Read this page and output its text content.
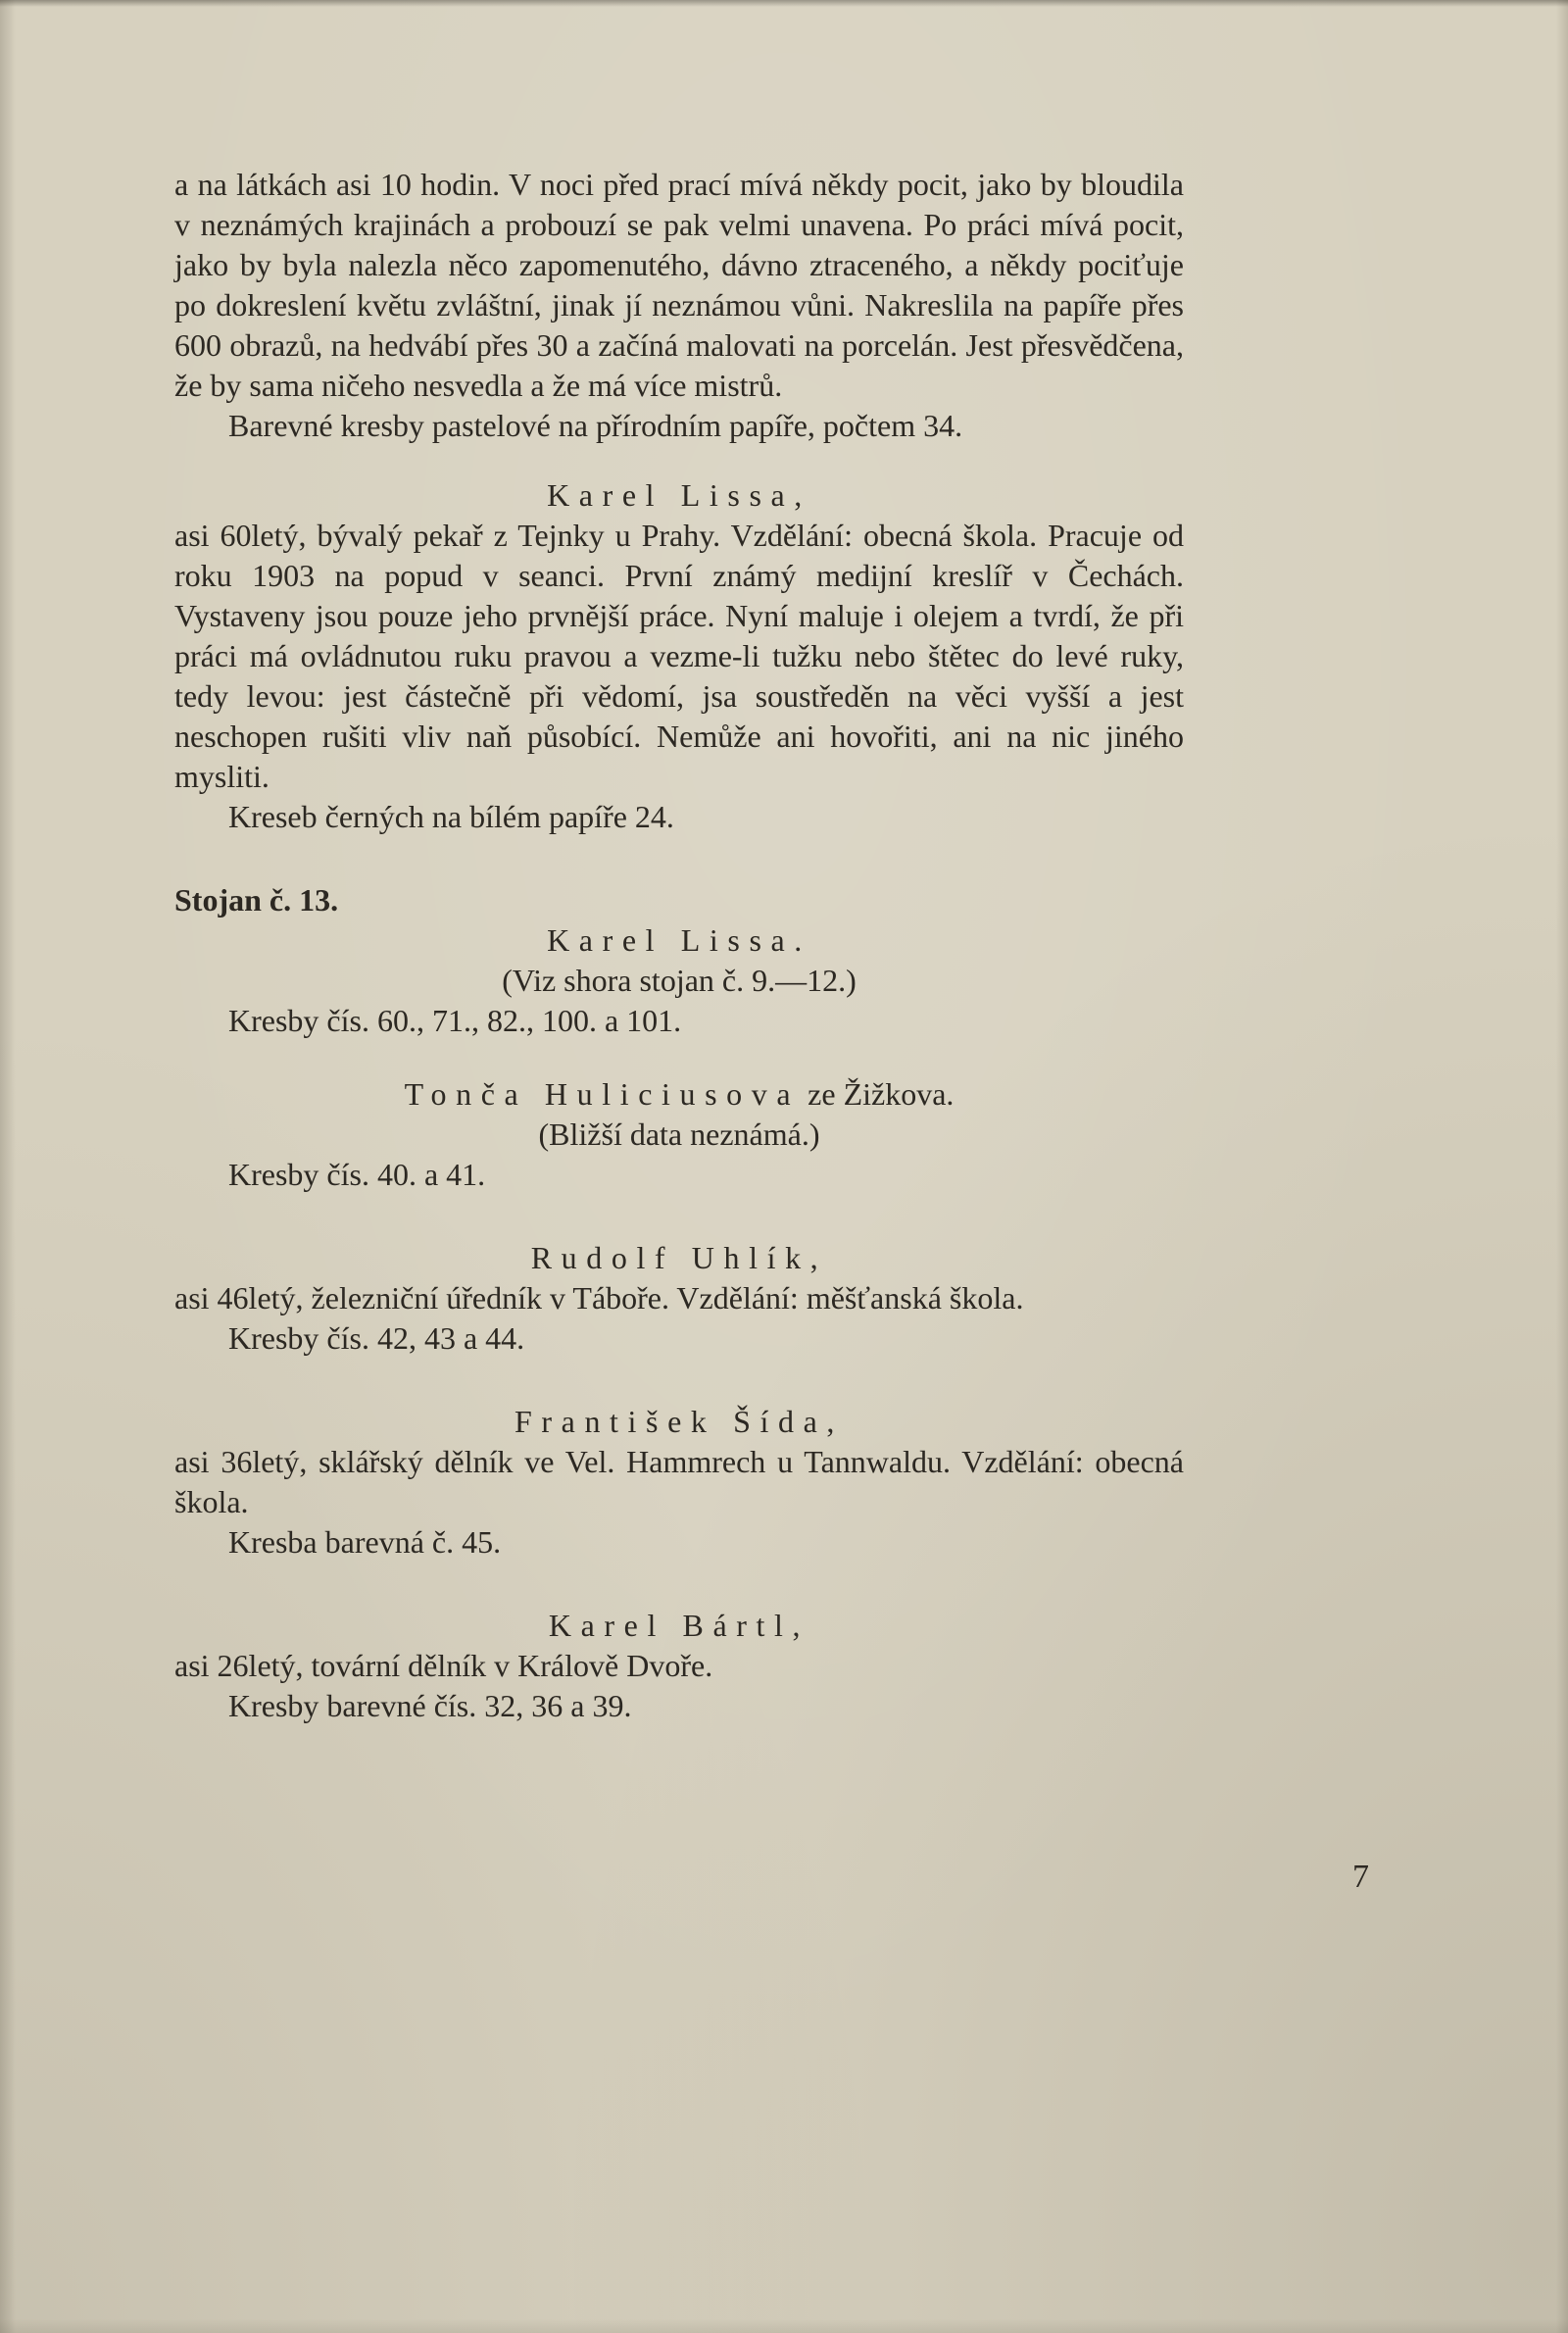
a na látkách asi 10 hodin. V noci před prací mívá někdy pocit, jako by bloudila v neznámých krajinách a probouzí se pak velmi unavena. Po práci mívá pocit, jako by byla nalezla něco zapomenutého, dávno ztraceného, a někdy pociťuje po dokreslení květu zvláštní, jinak jí neznámou vůni. Nakreslila na papíře přes 600 obrazů, na hedvábí přes 30 a začíná malovati na porcelán. Jest přesvědčena, že by sama ničeho nesvedla a že má více mistrů.

Barevné kresby pastelové na přírodním papíře, počtem 34.

Karel Lissa,

asi 60letý, bývalý pekař z Tejnky u Prahy. Vzdělání: obecná škola. Pracuje od roku 1903 na popud v seanci. První známý medijní kreslíř v Čechách. Vystaveny jsou pouze jeho prvnější práce. Nyní maluje i olejem a tvrdí, že při práci má ovládnutou ruku pravou a vezme-li tužku nebo štětec do levé ruky, tedy levou: jest částečně při vědomí, jsa soustředěn na věci vyšší a jest neschopen rušiti vliv naň působící. Nemůže ani hovořiti, ani na nic jiného mysliti.

Kreseb černých na bílém papíře 24.

Stojan č. 13.

Karel Lissa.

(Viz shora stojan č. 9.—12.)

Kresby čís. 60., 71., 82., 100. a 101.

Tonča Huliciusova ze Žižkova.

(Bližší data neznámá.)

Kresby čís. 40. a 41.

Rudolf Uhlík,

asi 46letý, železniční úředník v Táboře. Vzdělání: měšťanská škola.

Kresby čís. 42, 43 a 44.

František Šída,

asi 36letý, sklářský dělník ve Vel. Hammrech u Tannwaldu. Vzdělání: obecná škola.

Kresba barevná č. 45.

Karel Bártl,

asi 26letý, tovární dělník v Králově Dvoře.

Kresby barevné čís. 32, 36 a 39.

7
